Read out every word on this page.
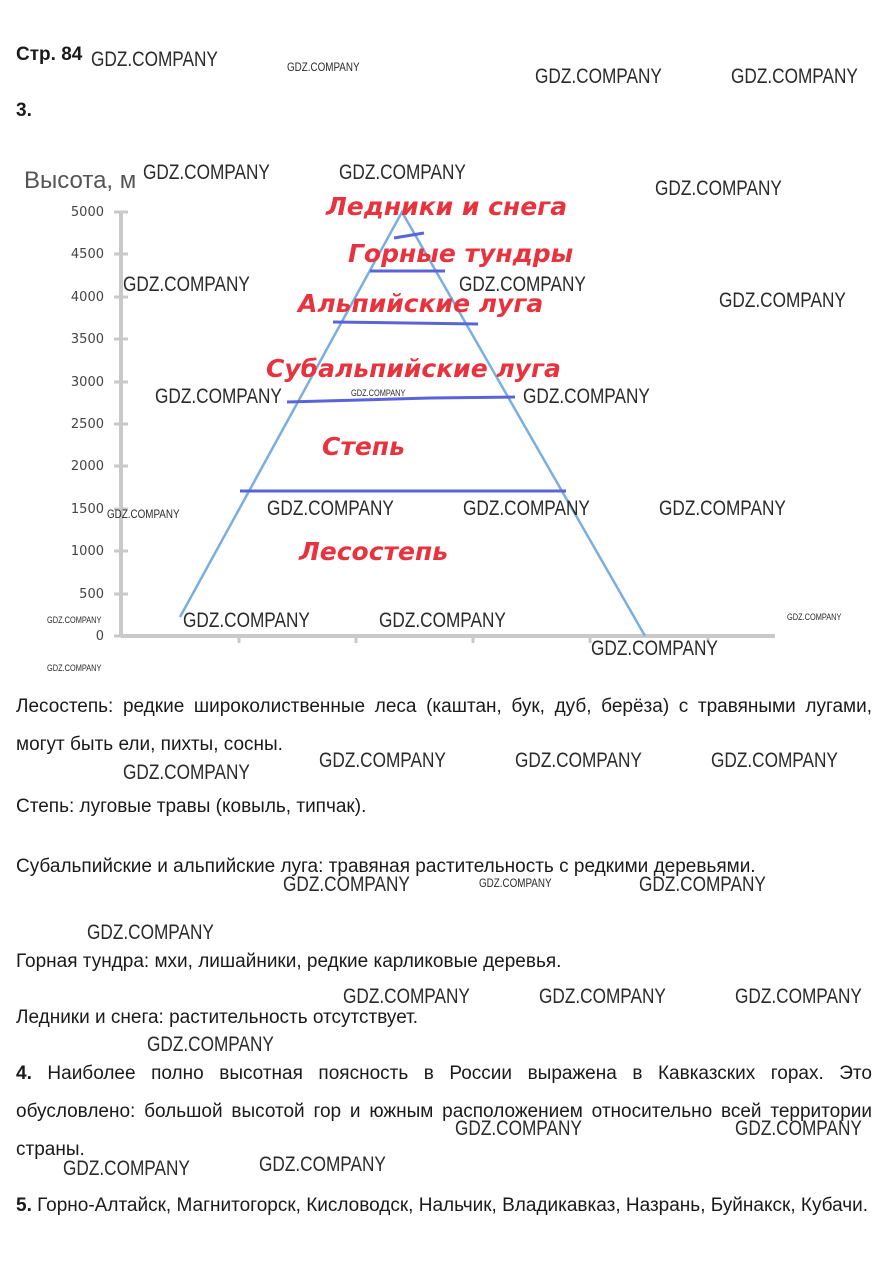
Стр. 84
3.
Высота, м
5000
4500
4000
3500
3000
2500
2000
1500
1000
500
0
Ледники и снега
Горные тундры
Альпийские луга
Субальпийские луга
Степь
Лесостепь
Лесостепь: редкие широколиственные леса (каштан, бук, дуб, берёза) с травяными лугами, могут быть ели, пихты, сосны.
Степь: луговые травы (ковыль, типчак).
Субальпийские и альпийские луга: травяная растительность с редкими деревьями.
Горная тундра: мхи, лишайники, редкие карликовые деревья.
Ледники и снега: растительность отсутствует.
4. Наиболее полно высотная поясность в России выражена в Кавказских горах. Это обусловлено: большой высотой гор и южным расположением относительно всей территории страны.
5. Горно-Алтайск, Магнитогорск, Кисловодск, Нальчик, Владикавказ, Назрань, Буйнакск, Кубачи.
GDZ.COMPANY	GDZ.COMPANY	GDZ.COMPANY	GDZ.COMPANY
GDZ.COMPANY	GDZ.COMPANY
GDZ.COMPANY
GDZ.COMPANY	GDZ.COMPANY
GDZ.COMPANY
GDZ.COMPANY	GDZ.COMPANY	GDZ.COMPANY
GDZ.COMPANY	GDZ.COMPANY	GDZ.COMPANY	GDZ.COMPANY
GDZ.COMPANY	GDZ.COMPANY	GDZ.COMPANY	GDZ.COMPANY
GDZ.COMPANY
GDZ.COMPANY
GDZ.COMPANY	GDZ.COMPANY	GDZ.COMPANY
GDZ.COMPANY
GDZ.COMPANY	GDZ.COMPANY	GDZ.COMPANY
GDZ.COMPANY
GDZ.COMPANY	GDZ.COMPANY	GDZ.COMPANY
GDZ.COMPANY
GDZ.COMPANY	GDZ.COMPANY
GDZ.COMPANY	GDZ.COMPANY
